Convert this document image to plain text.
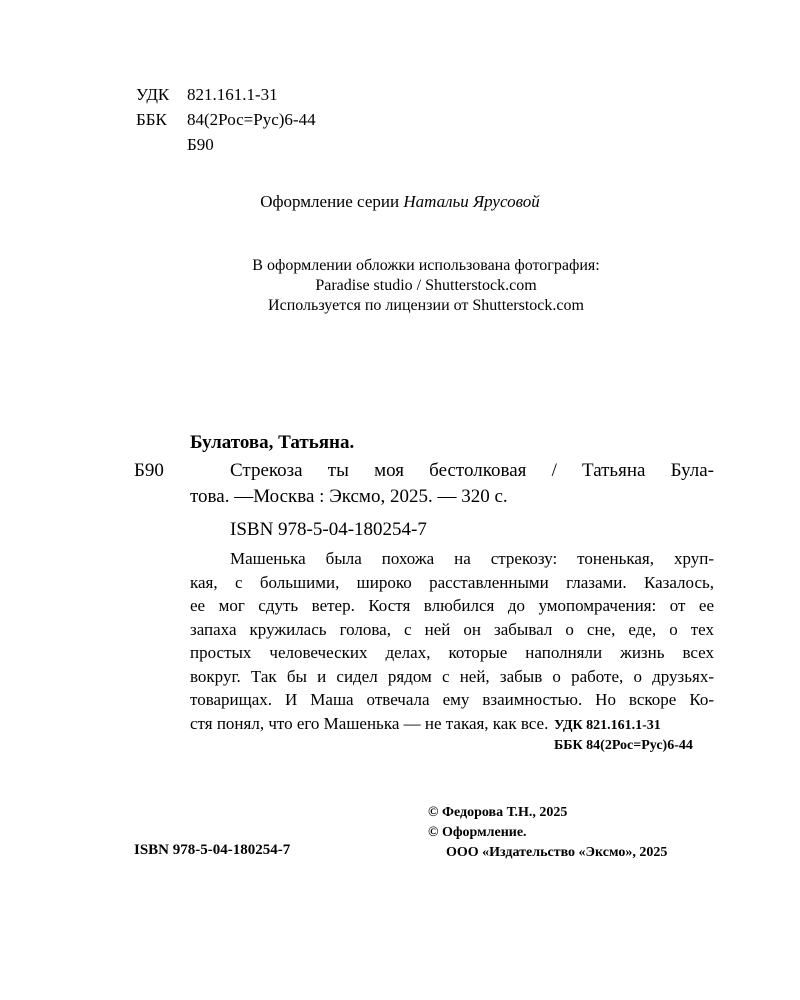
УДК	821.161.1-31
ББК	84(2Рос=Рус)6-44
Б90
Оформление серии Натальи Ярусовой
В оформлении обложки использована фотография:
Paradise studio / Shutterstock.com
Используется по лицензии от Shutterstock.com
Булатова, Татьяна.
Б90	Стрекоза ты моя бестолковая / Татьяна Була-
това. —Москва : Эксмо, 2025. — 320 с.
ISBN 978-5-04-180254-7
Машенька была похожа на стрекозу: тоненькая, хруп-
кая, с большими, широко расставленными глазами. Казалось,
ее мог сдуть ветер. Костя влюбился до умопомрачения: от ее
запаха кружилась голова, с ней он забывал о сне, еде, о тех
простых человеческих делах, которые наполняли жизнь всех
вокруг. Так бы и сидел рядом с ней, забыв о работе, о друзьях-
товарищах. И Маша отвечала ему взаимностью. Но вскоре Ко-
стя понял, что его Машенька — не такая, как все. УДК 821.161.1-31
ББК 84(2Рос=Рус)6-44
© Федорова Т.Н., 2025
© Оформление.
ООО «Издательство «Эксмо», 2025
ISBN 978-5-04-180254-7
